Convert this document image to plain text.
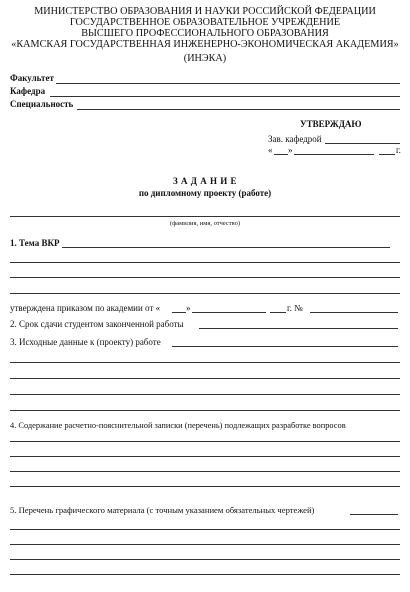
МИНИСТЕРСТВО ОБРАЗОВАНИЯ И НАУКИ РОССИЙСКОЙ ФЕДЕРАЦИИ
ГОСУДАРСТВЕННОЕ ОБРАЗОВАТЕЛЬНОЕ УЧРЕЖДЕНИЕ
ВЫСШЕГО ПРОФЕССИОНАЛЬНОГО ОБРАЗОВАНИЯ
«КАМСКАЯ ГОСУДАРСТВЕННАЯ ИНЖЕНЕРНО-ЭКОНОМИЧЕСКАЯ АКАДЕМИЯ»
(ИНЭКА)
Факультет
Кафедра
Специальность
УТВЕРЖДАЮ
Зав. кафедрой
« »	г.
З А Д А Н И Е
по дипломному проекту (работе)
(фамилия, имя, отчество)
1. Тема ВКР
утверждена приказом по академии от «	»	г. №
2. Срок сдачи студентом законченной работы
3. Исходные данные к (проекту) работе
4. Содержание расчетно-пояснительной записки (перечень) подлежащих разработке вопросов
5. Перечень графического материала (с точным указанием обязательных чертежей)
